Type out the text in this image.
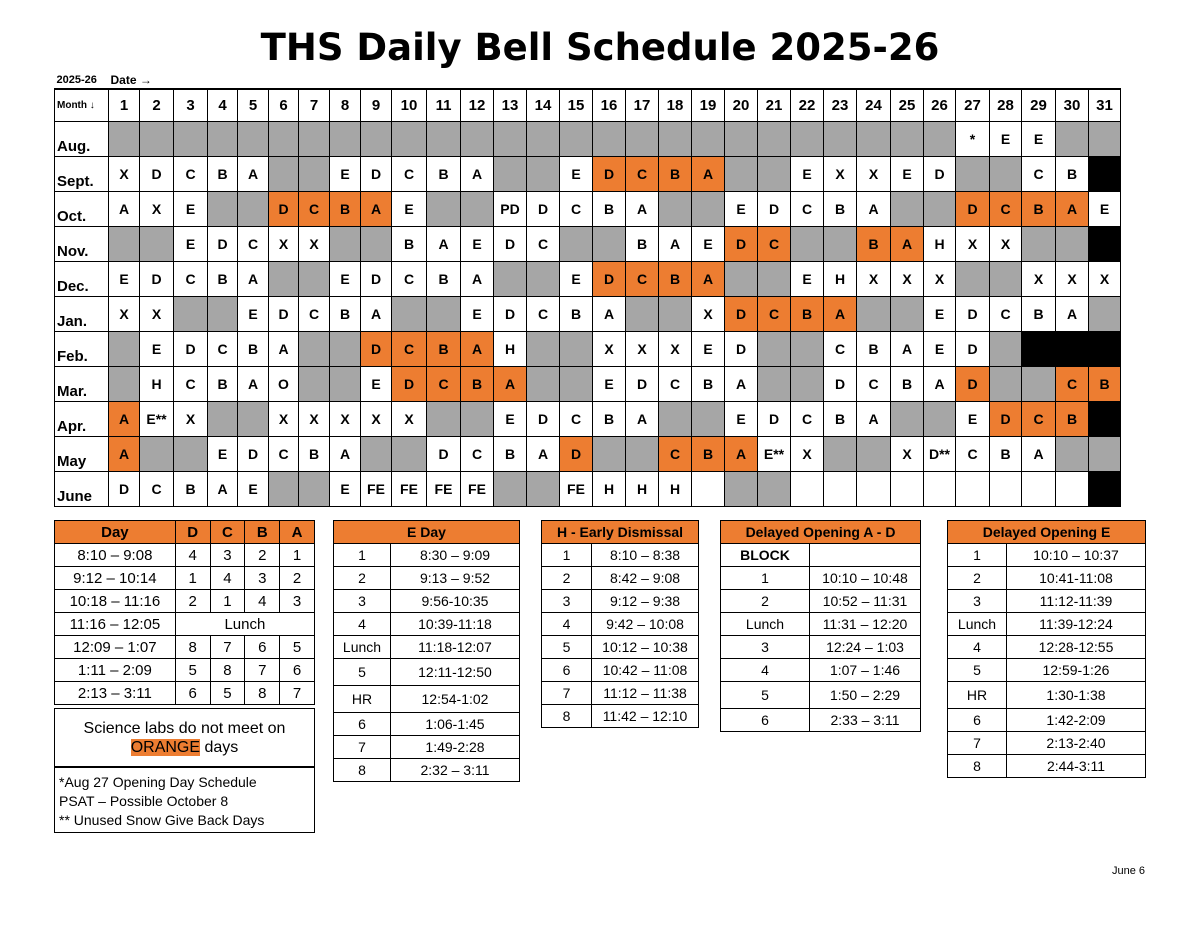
THS Daily Bell Schedule 2025-26
2025-26	Date →																														
Month ↓	1	2	3	4	5	6	7	8	9	10	11	12	13	14	15	16	17	18	19	20	21	22	23	24	25	26	27	28	29	30	31
Aug.																											*	E	E		
Sept.	X	D	C	B	A			E	D	C	B	A			E	D	C	B	A			E	X	X	E	D			C	B	
Oct.	A	X	E			D	C	B	A	E			PD	D	C	B	A			E	D	C	B	A			D	C	B	A	E
Nov.			E	D	C	X	X			B	A	E	D	C			B	A	E	D	C			B	A	H	X	X			
Dec.	E	D	C	B	A			E	D	C	B	A			E	D	C	B	A			E	H	X	X	X			X	X	X
Jan.	X	X			E	D	C	B	A			E	D	C	B	A			X	D	C	B	A			E	D	C	B	A	
Feb.		E	D	C	B	A			D	C	B	A	H			X	X	X	E	D			C	B	A	E	D				
Mar.		H	C	B	A	O			E	D	C	B	A			E	D	C	B	A			D	C	B	A	D			C	B
Apr.	A	E**	X			X	X	X	X	X			E	D	C	B	A			E	D	C	B	A			E	D	C	B	
May	A			E	D	C	B	A			D	C	B	A	D			C	B	A	E**	X			X	D**	C	B	A		
June	D	C	B	A	E			E	FE	FE	FE	FE			FE	H	H	H													
Day	D	C	B	A
8:10 – 9:08	4	3	2	1
9:12 – 10:14	1	4	3	2
10:18 – 11:16	2	1	4	3
11:16 – 12:05	Lunch			
12:09 – 1:07	8	7	6	5
1:11 – 2:09	5	8	7	6
2:13 – 3:11	6	5	8	7
Science labs do not meet on
ORANGE days
*Aug 27 Opening Day Schedule
PSAT – Possible October 8
** Unused Snow Give Back Days
E Day	
1	8:30 – 9:09
2	9:13 – 9:52
3	9:56-10:35
4	10:39-11:18
Lunch	11:18-12:07
5	12:11-12:50
HR	12:54-1:02
6	1:06-1:45
7	1:49-2:28
8	2:32 – 3:11
H - Early Dismissal	
1	8:10 – 8:38
2	8:42 – 9:08
3	9:12 – 9:38
4	9:42 – 10:08
5	10:12 – 10:38
6	10:42 – 11:08
7	11:12 – 11:38
8	11:42 – 12:10
Delayed Opening A - D	
BLOCK	
1	10:10 – 10:48
2	10:52 – 11:31
Lunch	11:31 – 12:20
3	12:24 – 1:03
4	1:07 – 1:46
5	1:50 – 2:29
6	2:33 – 3:11
Delayed Opening E	
1	10:10 – 10:37
2	10:41-11:08
3	11:12-11:39
Lunch	11:39-12:24
4	12:28-12:55
5	12:59-1:26
HR	1:30-1:38
6	1:42-2:09
7	2:13-2:40
8	2:44-3:11
June 6
